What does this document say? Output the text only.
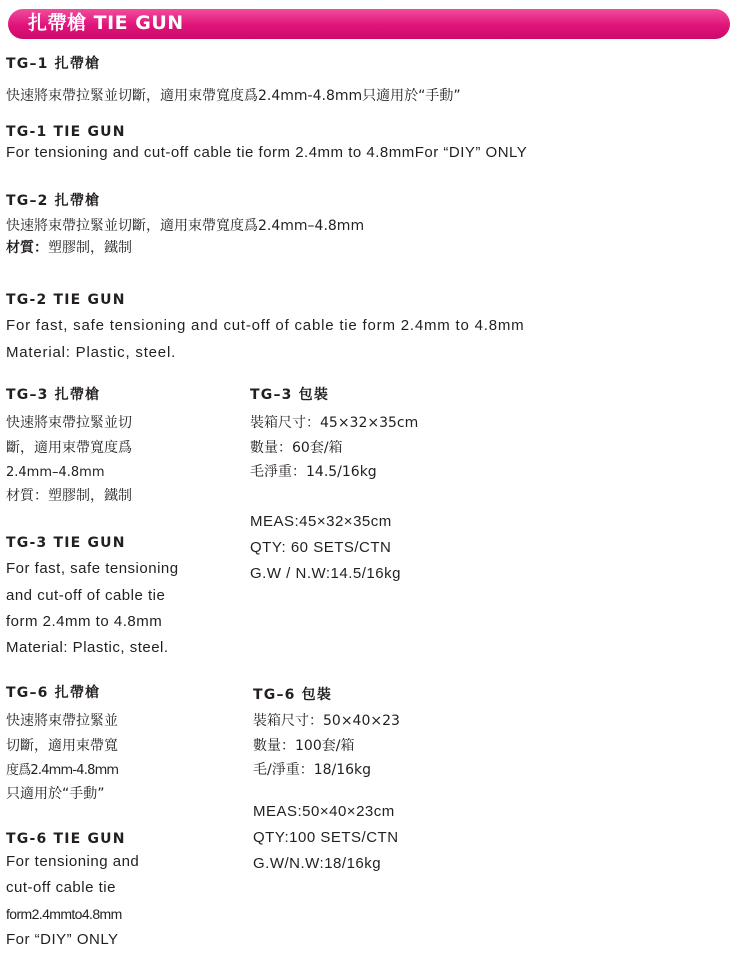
扎帶槍 TIE GUN
TG–1 扎帶槍
快速將束帶拉緊並切斷，適用束帶寬度爲2.4mm-4.8mm只適用於“手動”
TG-1 TIE GUN
For tensioning and cut-off cable tie form 2.4mm to 4.8mmFor “DIY” ONLY
TG–2 扎帶槍
快速將束帶拉緊並切斷，適用束帶寬度爲2.4mm–4.8mm
材質：塑膠制，鐵制
TG-2 TIE GUN
For fast, safe tensioning and cut-off of cable tie form 2.4mm to 4.8mm
Material: Plastic, steel.
TG–3 扎帶槍
快速將束帶拉緊並切
斷，適用束帶寬度爲
2.4mm–4.8mm
材質：塑膠制，鐵制
TG-3 TIE GUN
For fast, safe tensioning
and cut-off of cable tie
form 2.4mm to 4.8mm
Material: Plastic, steel.
TG–3 包裝
裝箱尺寸：45×32×35cm
數量：60套/箱
毛淨重：14.5/16kg
MEAS:45×32×35cm
QTY: 60 SETS/CTN
G.W / N.W:14.5/16kg
TG–6 扎帶槍
快速將束帶拉緊並
切斷，適用束帶寬
度爲2.4mm-4.8mm
只適用於“手動”
TG-6 TIE GUN
For tensioning and
cut-off cable tie
form2.4mmto4.8mm
For “DIY” ONLY
TG–6 包裝
裝箱尺寸：50×40×23
數量：100套/箱
毛/淨重：18/16kg
MEAS:50×40×23cm
QTY:100 SETS/CTN
G.W/N.W:18/16kg
